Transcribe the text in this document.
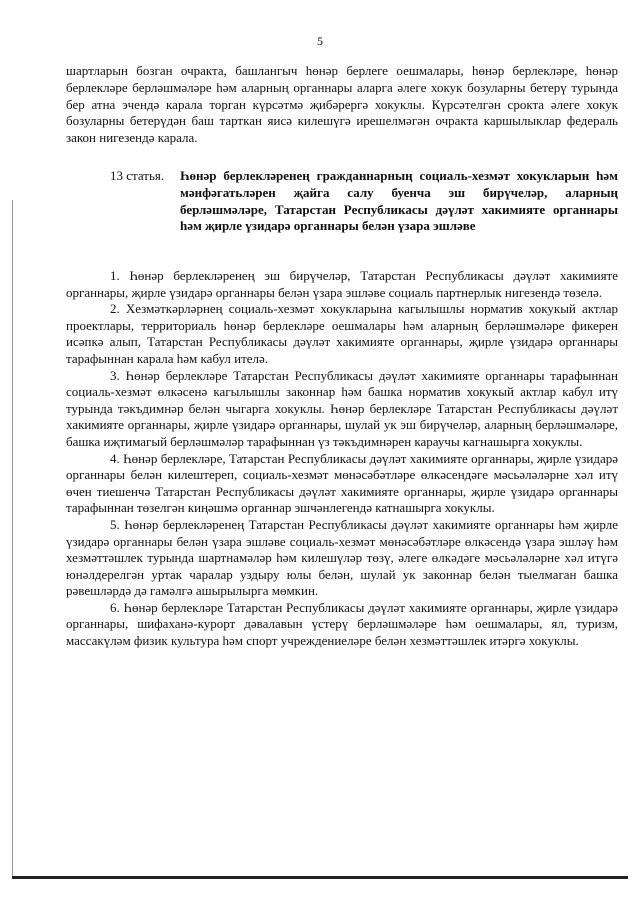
5

шартларын бозган очракта, башлангыч һөнәр берлеге оешмалары, һөнәр берлекләре, һөнәр берлекләре берләшмәләре һәм аларның органнары аларга әлеге хокук бозуларны бетерү турында бер атна эчендә карала торган күрсәтмә җибәрергә хокуклы. Күрсәтелгән срокта әлеге хокук бозуларны бетерүдән баш тарткан яисә килешүгә ирешелмәгән очракта каршылыклар федераль закон нигезендә карала.

13 статья.	Һөнәр берлекләренең гражданнарның социаль-хезмәт хокукларын һәм мәнфәгатьләрен җайга салу буенча эш бирүчеләр, аларның берләшмәләре, Татарстан Республикасы дәүләт хакимияте органнары һәм җирле үзидарә органнары белән үзара эшләве

1. Һөнәр берлекләренең эш бирүчеләр, Татарстан Республикасы дәүләт хакимияте органнары, җирле үзидарә органнары белән үзара эшләве социаль партнерлык нигезендә төзелә.

2. Хезмәткәрләрнең социаль-хезмәт хокукларына кагылышлы норматив хокукый актлар проектлары, территориаль һөнәр берлекләре оешмалары һәм аларның берләшмәләре фикерен исәпкә алып, Татарстан Республикасы дәүләт хакимияте органнары, җирле үзидарә органнары тарафыннан карала һәм кабул ителә.

3. Һөнәр берлекләре Татарстан Республикасы дәүләт хакимияте органнары тарафыннан социаль-хезмәт өлкәсенә кагылышлы законнар һәм башка норматив хокукый актлар кабул итү турында тәкъдимнәр белән чыгарга хокуклы. Һөнәр берлекләре Татарстан Республикасы дәүләт хакимияте органнары, җирле үзидарә органнары, шулай ук эш бирүчеләр, аларның берләшмәләре, башка иҗтимагый берләшмәләр тарафыннан үз тәкъдимнәрен караучы кагнашырга хокуклы.

4. Һөнәр берлекләре, Татарстан Республикасы дәүләт хакимияте органнары, җирле үзидарә органнары белән килештереп, социаль-хезмәт мөнәсәбәтләре өлкәсендәге мәсьәләләрне хәл итү өчен тиешенчә Татарстан Республикасы дәүләт хакимияте органнары, җирле үзидарә органнары тарафыннан төзелгән киңәшмә органнар эшчәнлегендә катнашырга хокуклы.

5. Һөнәр берлекләренең Татарстан Республикасы дәүләт хакимияте органнары һәм җирле үзидарә органнары белән үзара эшләве социаль-хезмәт мөнәсәбәтләре өлкәсендә үзара эшләү һәм хезмәттәшлек турында шартнамәләр һәм килешүләр төзү, әлеге өлкәдәге мәсьәләләрне хәл итүгә юнәлдерелгән уртак чаралар уздыру юлы белән, шулай ук законнар белән тыелмаган башка рәвешләрдә дә гамәлгә ашырылырга мөмкин.

6. Һөнәр берлекләре Татарстан Республикасы дәүләт хакимияте органнары, җирле үзидарә органнары, шифаханә-курорт дәвалавын үстерү берләшмәләре һәм оешмалары, ял, туризм, массакүләм физик культура һәм спорт учреждениеләре белән хезмәттәшлек итәргә хокуклы.
